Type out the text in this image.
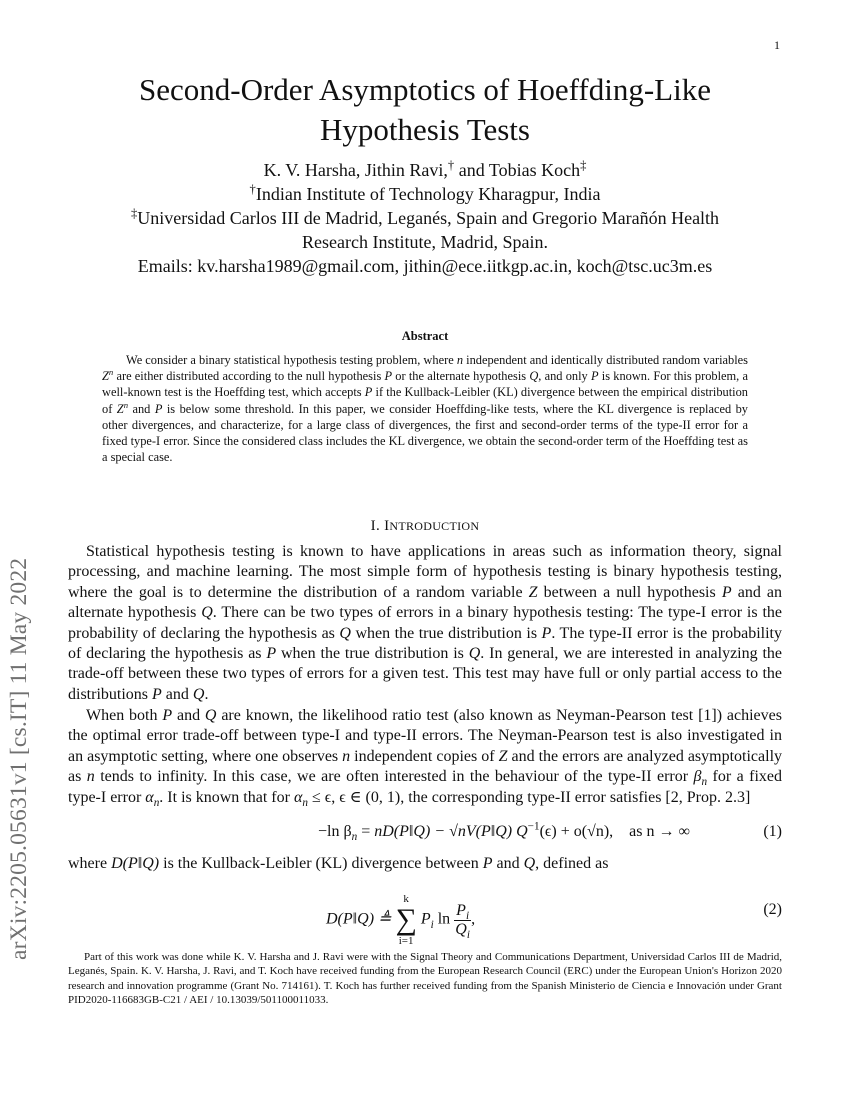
1
arXiv:2205.05631v1 [cs.IT] 11 May 2022
Second-Order Asymptotics of Hoeffding-Like
Hypothesis Tests
K. V. Harsha, Jithin Ravi,† and Tobias Koch‡
†Indian Institute of Technology Kharagpur, India
‡Universidad Carlos III de Madrid, Leganés, Spain and Gregorio Marañón Health
Research Institute, Madrid, Spain.
Emails: kv.harsha1989@gmail.com, jithin@ece.iitkgp.ac.in, koch@tsc.uc3m.es
Abstract
We consider a binary statistical hypothesis testing problem, where n independent and identically distributed random variables $Z^n$ are either distributed according to the null hypothesis P or the alternate hypothesis Q, and only P is known. For this problem, a well-known test is the Hoeffding test, which accepts P if the Kullback-Leibler (KL) divergence between the empirical distribution of $Z^n$ and P is below some threshold. In this paper, we consider Hoeffding-like tests, where the KL divergence is replaced by other divergences, and characterize, for a large class of divergences, the first and second-order terms of the type-II error for a fixed type-I error. Since the considered class includes the KL divergence, we obtain the second-order term of the Hoeffding test as a special case.
I. INTRODUCTION
Statistical hypothesis testing is known to have applications in areas such as information theory, signal processing, and machine learning. The most simple form of hypothesis testing is binary hypothesis testing, where the goal is to determine the distribution of a random variable Z between a null hypothesis P and an alternate hypothesis Q. There can be two types of errors in a binary hypothesis testing: The type-I error is the probability of declaring the hypothesis as Q when the true distribution is P. The type-II error is the probability of declaring the hypothesis as P when the true distribution is Q. In general, we are interested in analyzing the trade-off between these two types of errors for a given test. This test may have full or only partial access to the distributions P and Q.
When both P and Q are known, the likelihood ratio test (also known as Neyman-Pearson test [1]) achieves the optimal error trade-off between type-I and type-II errors. The Neyman-Pearson test is also investigated in an asymptotic setting, where one observes n independent copies of Z and the errors are analyzed asymptotically as n tends to infinity. In this case, we are often interested in the behaviour of the type-II error $\beta_n$ for a fixed type-I error $\alpha_n$. It is known that for $\alpha_n \le \epsilon$, ϵ ∈ (0, 1), the corresponding type-II error satisfies [2, Prop. 2.3]
−ln $\beta_n$ = nD(P‖Q) − √nV(P‖Q) $Q^{-1}(\epsilon) + o(√n)$, as n → ∞	(1)
where D(P‖Q) is the Kullback-Leibler (KL) divergence between P and Q, defined as
D(P‖Q) ≜
k
∑
i=1
$P_i$ $\ln \frac{P_i}{Q_i}$ ,
(2)
Part of this work was done while K. V. Harsha and J. Ravi were with the Signal Theory and Communications Department, Universidad Carlos III de Madrid, Leganés, Spain. K. V. Harsha, J. Ravi, and T. Koch have received funding from the European Research Council (ERC) under the European Union's Horizon 2020 research and innovation programme (Grant No. 714161). T. Koch has further received funding from the Spanish Ministerio de Ciencia e Innovación under Grant PID2020-116683GB-C21 / AEI / 10.13039/501100011033.
